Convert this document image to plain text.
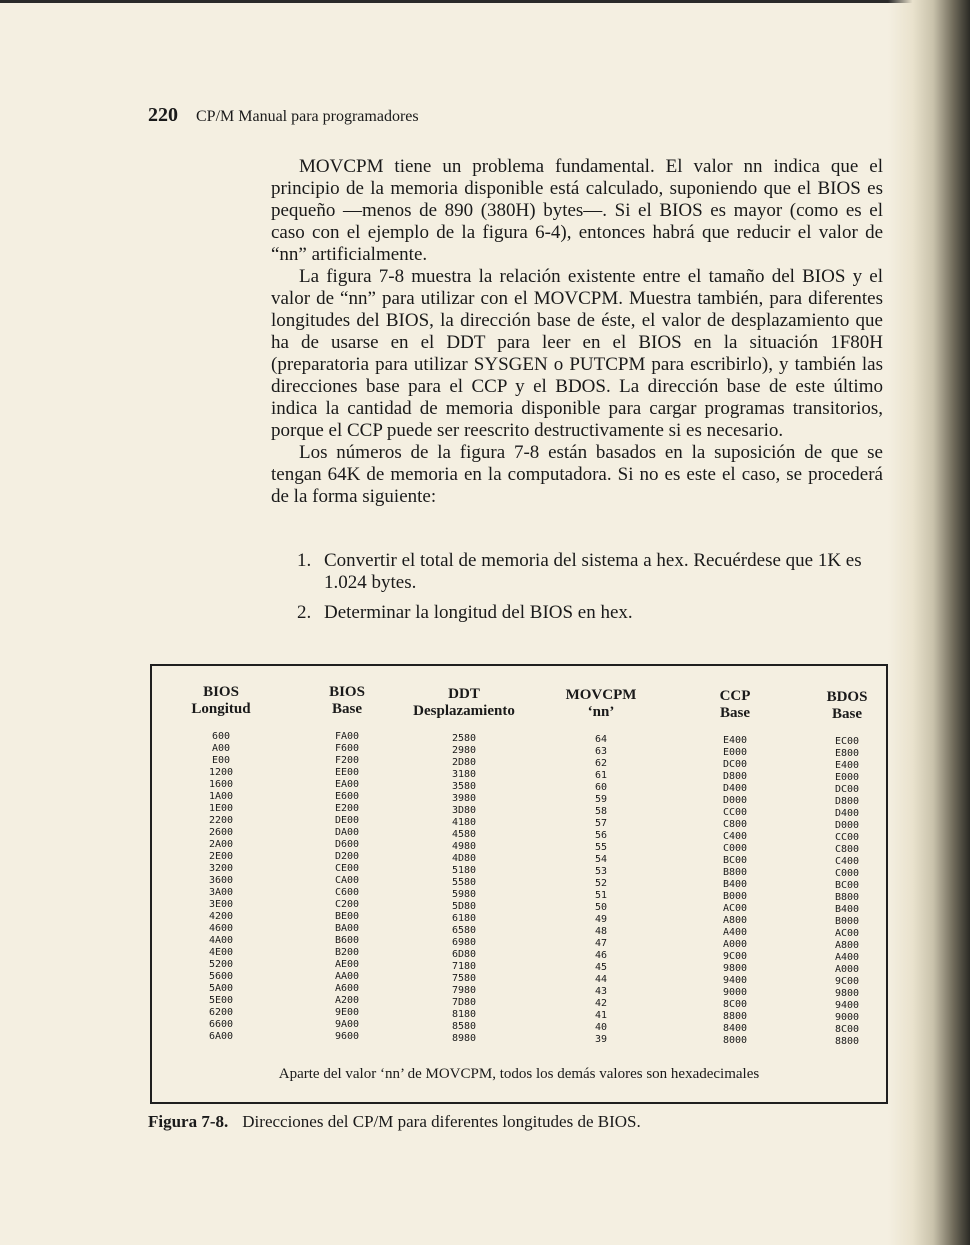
220 CP/M Manual para programadores

MOVCPM tiene un problema fundamental. El valor nn indica que el principio de la memoria disponible está calculado, suponiendo que el BIOS es pequeño —menos de 890 (380H) bytes—. Si el BIOS es mayor (como es el caso con el ejemplo de la figura 6-4), entonces habrá que reducir el valor de “nn” artificialmente.

La figura 7-8 muestra la relación existente entre el tamaño del BIOS y el valor de “nn” para utilizar con el MOVCPM. Muestra también, para diferentes longitudes del BIOS, la dirección base de éste, el valor de desplazamiento que ha de usarse en el DDT para leer en el BIOS en la situación 1F80H (preparatoria para utilizar SYSGEN o PUTCPM para escribirlo), y también las direcciones base para el CCP y el BDOS. La dirección base de este último indica la cantidad de memoria disponible para cargar programas transitorios, porque el CCP puede ser reescrito destructivamente si es necesario.

Los números de la figura 7-8 están basados en la suposición de que se tengan 64K de memoria en la computadora. Si no es este el caso, se procederá de la forma siguiente:

1. Convertir el total de memoria del sistema a hex. Recuérdese que 1K es 1.024 bytes.
2. Determinar la longitud del BIOS en hex.
BIOS
Longitud
600
A00
E00
1200
1600
1A00
1E00
2200
2600
2A00
2E00
3200
3600
3A00
3E00
4200
4600
4A00
4E00
5200
5600
5A00
5E00
6200
6600
6A00
BIOS
Base
FA00
F600
F200
EE00
EA00
E600
E200
DE00
DA00
D600
D200
CE00
CA00
C600
C200
BE00
BA00
B600
B200
AE00
AA00
A600
A200
9E00
9A00
9600
DDT
Desplazamiento
2580
2980
2D80
3180
3580
3980
3D80
4180
4580
4980
4D80
5180
5580
5980
5D80
6180
6580
6980
6D80
7180
7580
7980
7D80
8180
8580
8980
MOVCPM
‘nn’
64
63
62
61
60
59
58
57
56
55
54
53
52
51
50
49
48
47
46
45
44
43
42
41
40
39
CCP
Base
E400
E000
DC00
D800
D400
D000
CC00
C800
C400
C000
BC00
B800
B400
B000
AC00
A800
A400
A000
9C00
9800
9400
9000
8C00
8800
8400
8000
BDOS
Base
EC00
E800
E400
E000
DC00
D800
D400
D000
CC00
C800
C400
C000
BC00
B800
B400
B000
AC00
A800
A400
A000
9C00
9800
9400
9000
8C00
8800
Aparte del valor ‘nn’ de MOVCPM, todos los demás valores son hexadecimales
Figura 7-8. Direcciones del CP/M para diferentes longitudes de BIOS.
